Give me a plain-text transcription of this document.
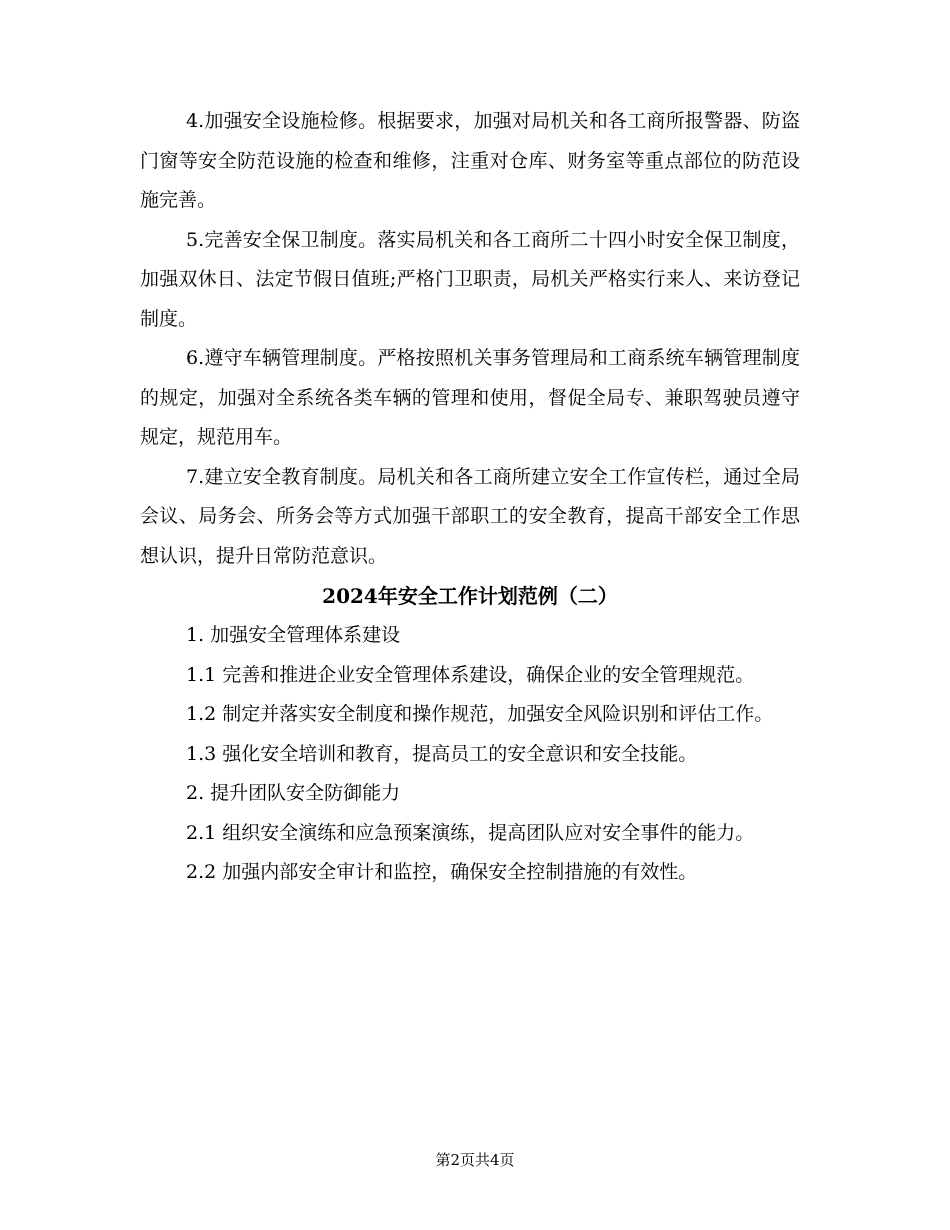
4.加强安全设施检修。根据要求，加强对局机关和各工商所报警器、防盗门窗等安全防范设施的检查和维修，注重对仓库、财务室等重点部位的防范设施完善。

5.完善安全保卫制度。落实局机关和各工商所二十四小时安全保卫制度，加强双休日、法定节假日值班;严格门卫职责，局机关严格实行来人、来访登记制度。

6.遵守车辆管理制度。严格按照机关事务管理局和工商系统车辆管理制度的规定，加强对全系统各类车辆的管理和使用，督促全局专、兼职驾驶员遵守规定，规范用车。

7.建立安全教育制度。局机关和各工商所建立安全工作宣传栏，通过全局会议、局务会、所务会等方式加强干部职工的安全教育，提高干部安全工作思想认识，提升日常防范意识。

2024年安全工作计划范例（二）

1. 加强安全管理体系建设

1.1 完善和推进企业安全管理体系建设，确保企业的安全管理规范。

1.2 制定并落实安全制度和操作规范，加强安全风险识别和评估工作。

1.3 强化安全培训和教育，提高员工的安全意识和安全技能。

2. 提升团队安全防御能力

2.1 组织安全演练和应急预案演练，提高团队应对安全事件的能力。

2.2 加强内部安全审计和监控，确保安全控制措施的有效性。

第2页共4页
